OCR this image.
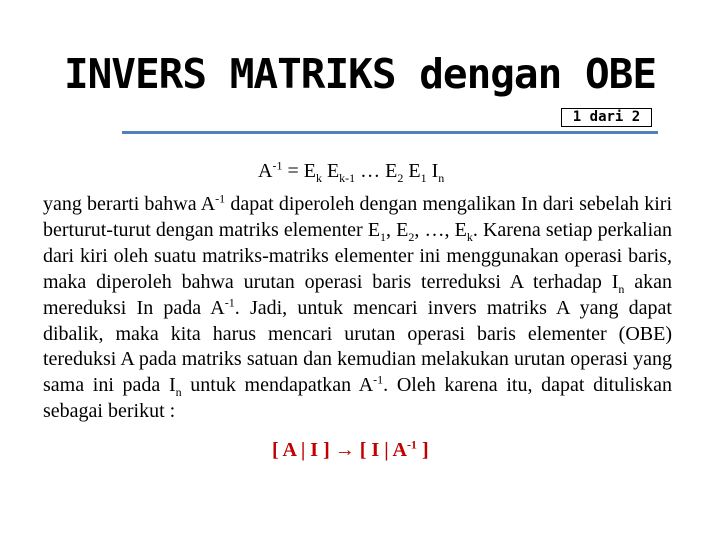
INVERS MATRIKS dengan OBE
1 dari 2
$A^{-1} = E_k$ $E_{k-1}$ … $E_2$ $E_1$ $I_n$
yang berarti bahwa $A^{-1}$ dapat diperoleh dengan mengalikan In dari sebelah kiri berturut-turut dengan matriks elementer $E_1$, $E_2$, …, $E_k$. Karena setiap perkalian dari kiri oleh suatu matriks-matriks elementer ini menggunakan operasi baris, maka diperoleh bahwa urutan operasi baris terreduksi A terhadap $I_n$ akan mereduksi In pada $A^{-1}$. Jadi, untuk mencari invers matriks A yang dapat dibalik, maka kita harus mencari urutan operasi baris elementer (OBE) tereduksi A pada matriks satuan dan kemudian melakukan urutan operasi yang sama ini pada $I_n$ untuk mendapatkan $A^{-1}$. Oleh karena itu, dapat dituliskan sebagai berikut :
[ A | I ] → [ I | $A^{-1}$ ]
